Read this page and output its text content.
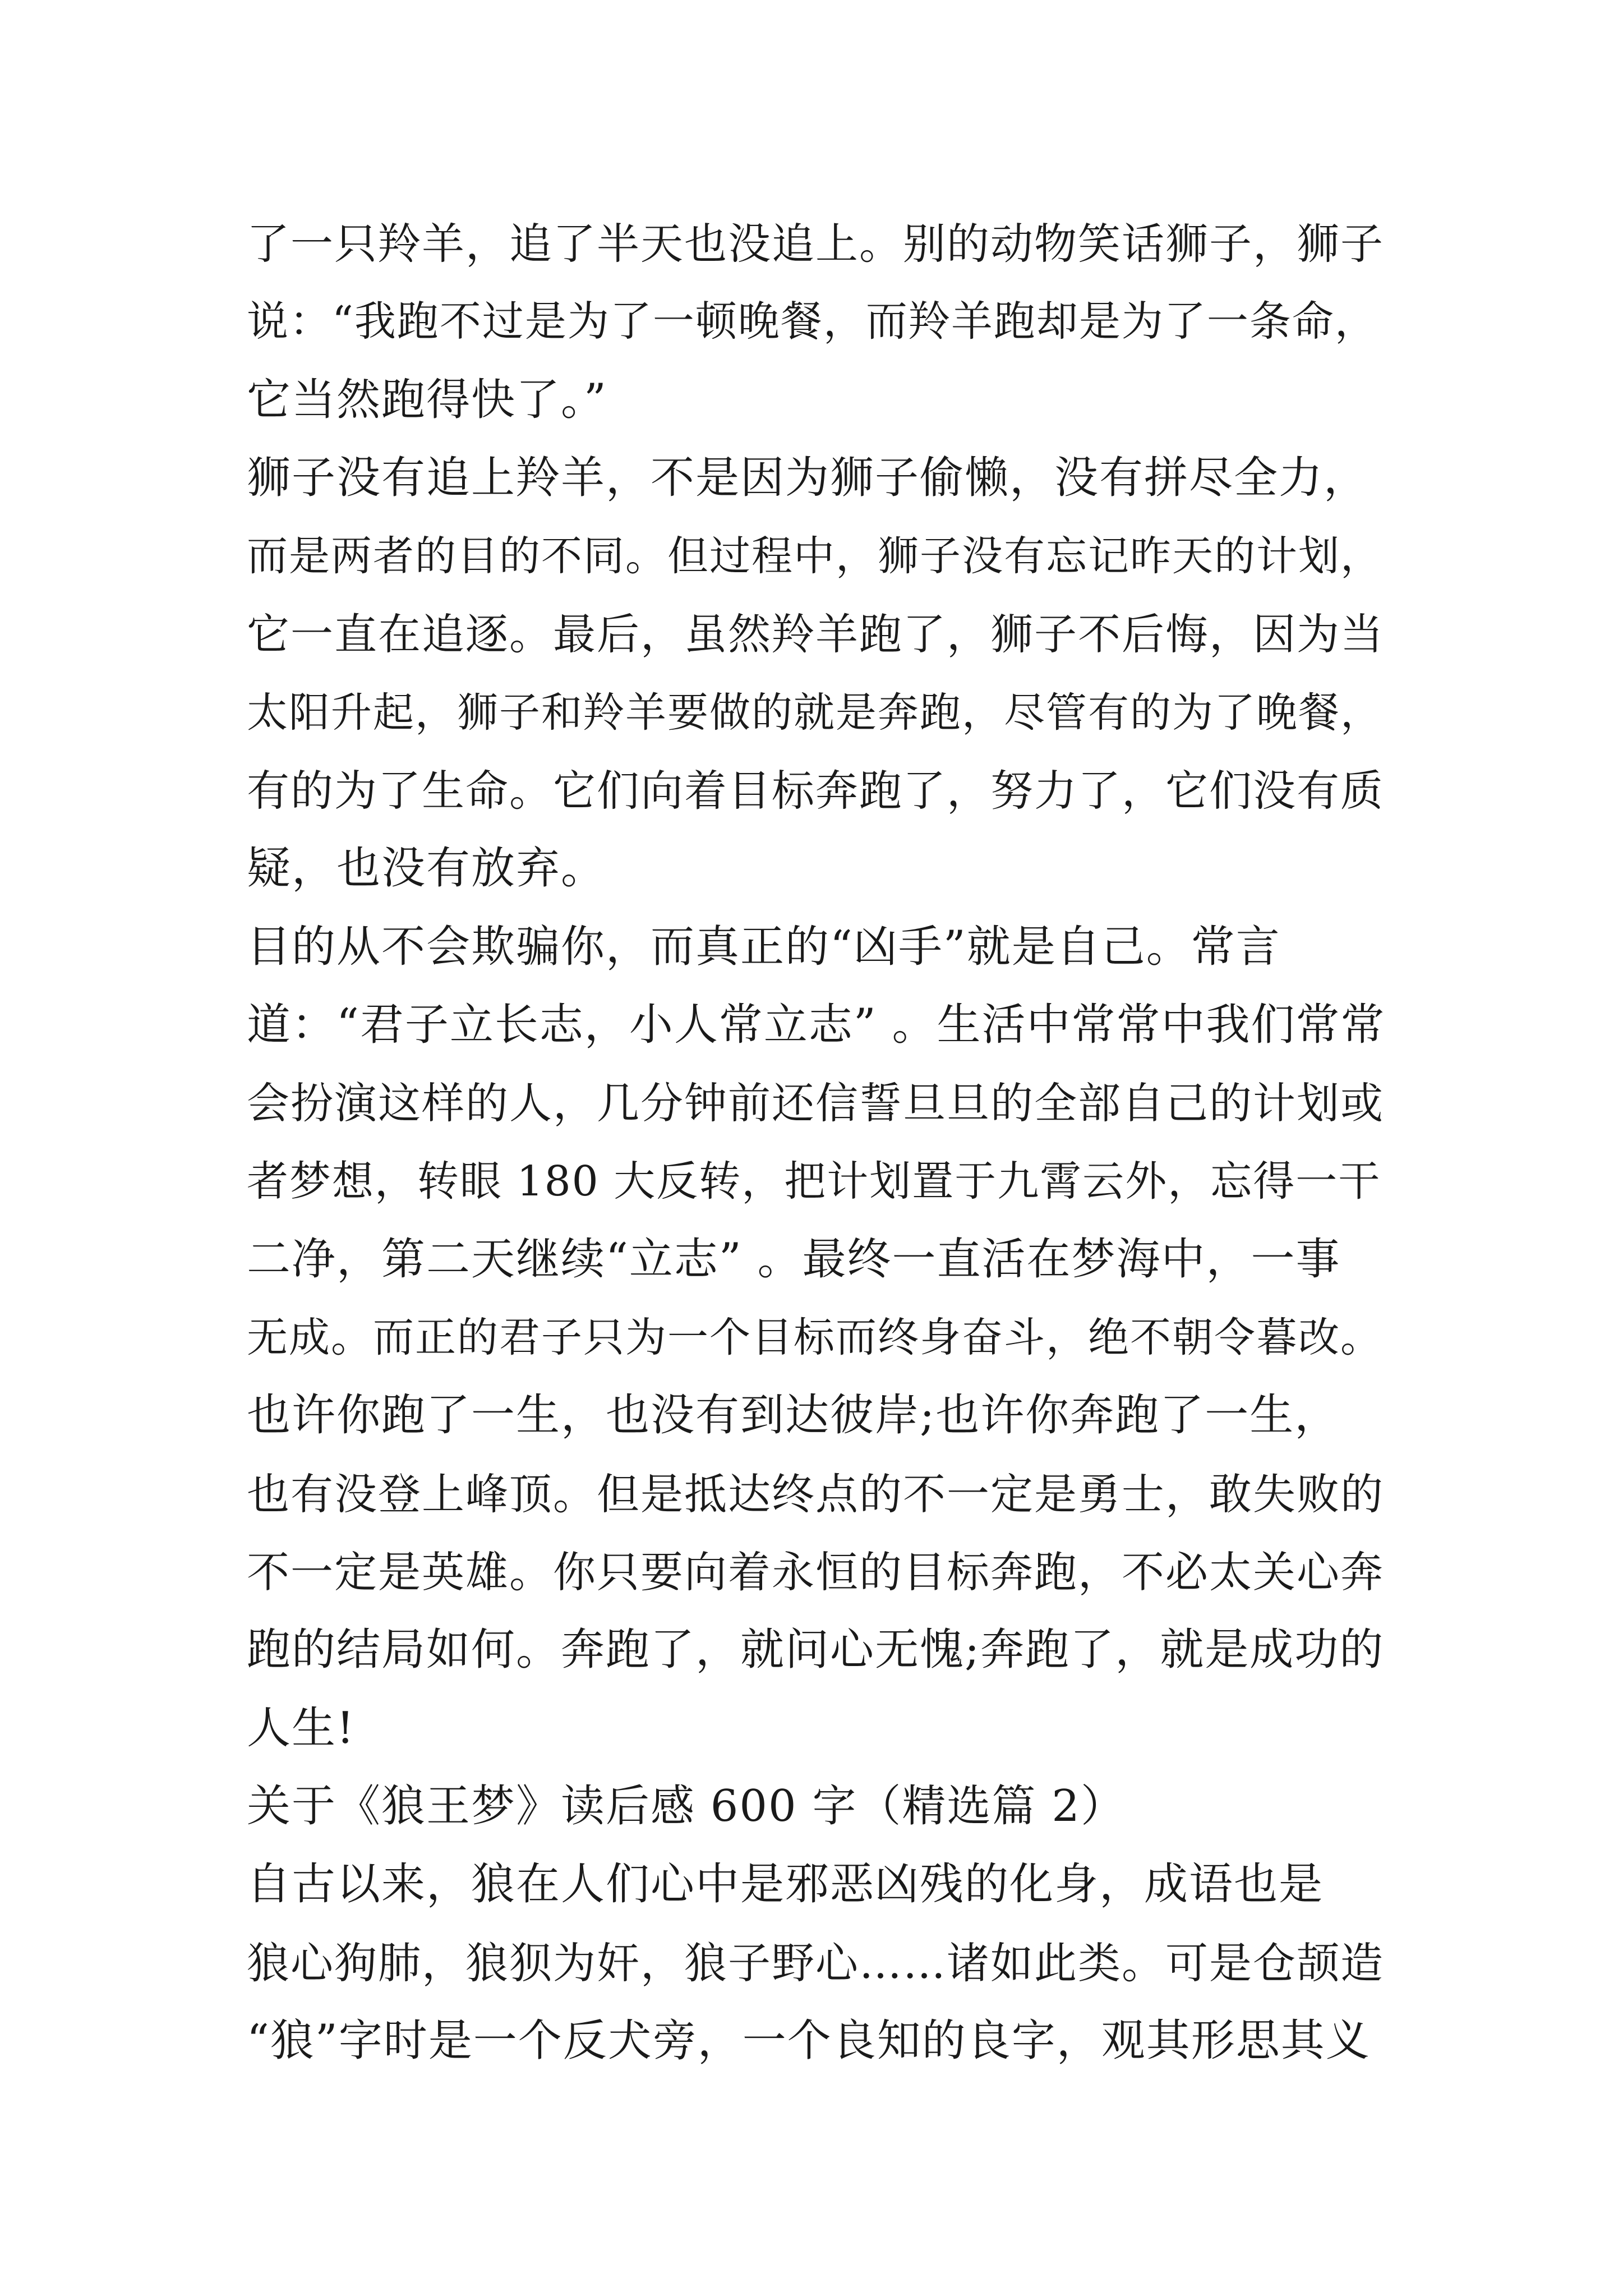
了一只羚羊，追了半天也没追上。别的动物笑话狮子，狮子
说：“我跑不过是为了一顿晚餐，而羚羊跑却是为了一条命，
它当然跑得快了。”
狮子没有追上羚羊，不是因为狮子偷懒，没有拼尽全力，
而是两者的目的不同。但过程中，狮子没有忘记昨天的计划，
它一直在追逐。最后，虽然羚羊跑了，狮子不后悔，因为当
太阳升起，狮子和羚羊要做的就是奔跑，尽管有的为了晚餐，
有的为了生命。它们向着目标奔跑了，努力了，它们没有质
疑，也没有放弃。
目的从不会欺骗你，而真正的“凶手”就是自己。常言
道：“君子立长志，小人常立志” 。生活中常常中我们常常
会扮演这样的人，几分钟前还信誓旦旦的全部自己的计划或
者梦想，转眼 180 大反转，把计划置于九霄云外，忘得一干
二净，第二天继续“立志” 。最终一直活在梦海中，一事
无成。而正的君子只为一个目标而终身奋斗，绝不朝令暮改。
也许你跑了一生，也没有到达彼岸;也许你奔跑了一生，
也有没登上峰顶。但是抵达终点的不一定是勇士，敢失败的
不一定是英雄。你只要向着永恒的目标奔跑，不必太关心奔
跑的结局如何。奔跑了，就问心无愧;奔跑了，就是成功的
人生!
关于《狼王梦》读后感 600 字（精选篇 2）
自古以来，狼在人们心中是邪恶凶残的化身，成语也是
狼心狗肺，狼狈为奸，狼子野心……诸如此类。可是仓颉造
“狼”字时是一个反犬旁，一个良知的良字，观其形思其义
